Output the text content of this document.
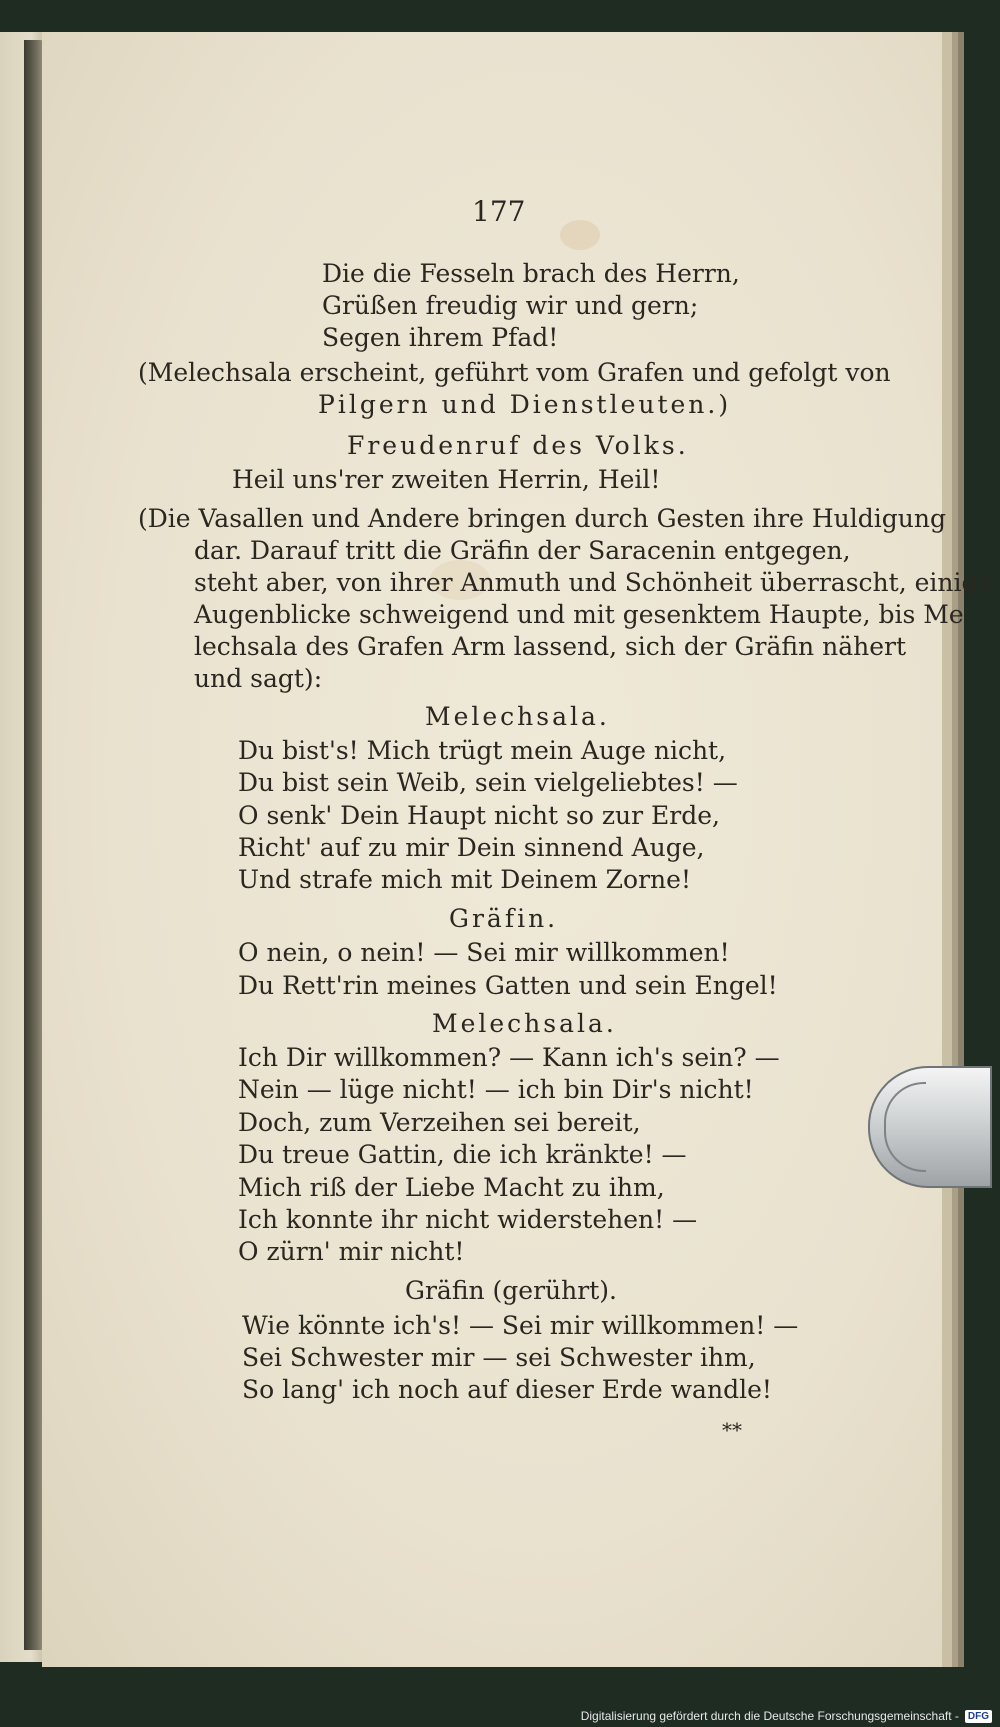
177
Die die Fesseln brach des Herrn,
Grüßen freudig wir und gern;
Segen ihrem Pfad!
(Melechsala erscheint, geführt vom Grafen und gefolgt von
Pilgern und Dienstleuten.)
Freudenruf des Volks.
Heil uns'rer zweiten Herrin, Heil!
(Die Vasallen und Andere bringen durch Gesten ihre Huldigung
dar. Darauf tritt die Gräfin der Saracenin entgegen,
steht aber, von ihrer Anmuth und Schönheit überrascht, einige
Augenblicke schweigend und mit gesenktem Haupte, bis Me-
lechsala des Grafen Arm lassend, sich der Gräfin nähert
und sagt):
Melechsala.
Du bist's! Mich trügt mein Auge nicht,
Du bist sein Weib, sein vielgeliebtes! —
O senk' Dein Haupt nicht so zur Erde,
Richt' auf zu mir Dein sinnend Auge,
Und strafe mich mit Deinem Zorne!
Gräfin.
O nein, o nein! — Sei mir willkommen!
Du Rett'rin meines Gatten und sein Engel!
Melechsala.
Ich Dir willkommen? — Kann ich's sein? —
Nein — lüge nicht! — ich bin Dir's nicht!
Doch, zum Verzeihen sei bereit,
Du treue Gattin, die ich kränkte! —
Mich riß der Liebe Macht zu ihm,
Ich konnte ihr nicht widerstehen! —
O zürn' mir nicht!
Gräfin (gerührt).
Wie könnte ich's! — Sei mir willkommen! —
Sei Schwester mir — sei Schwester ihm,
So lang' ich noch auf dieser Erde wandle!
**
Digitalisierung gefördert durch die Deutsche Forschungsgemeinschaft - DFG
